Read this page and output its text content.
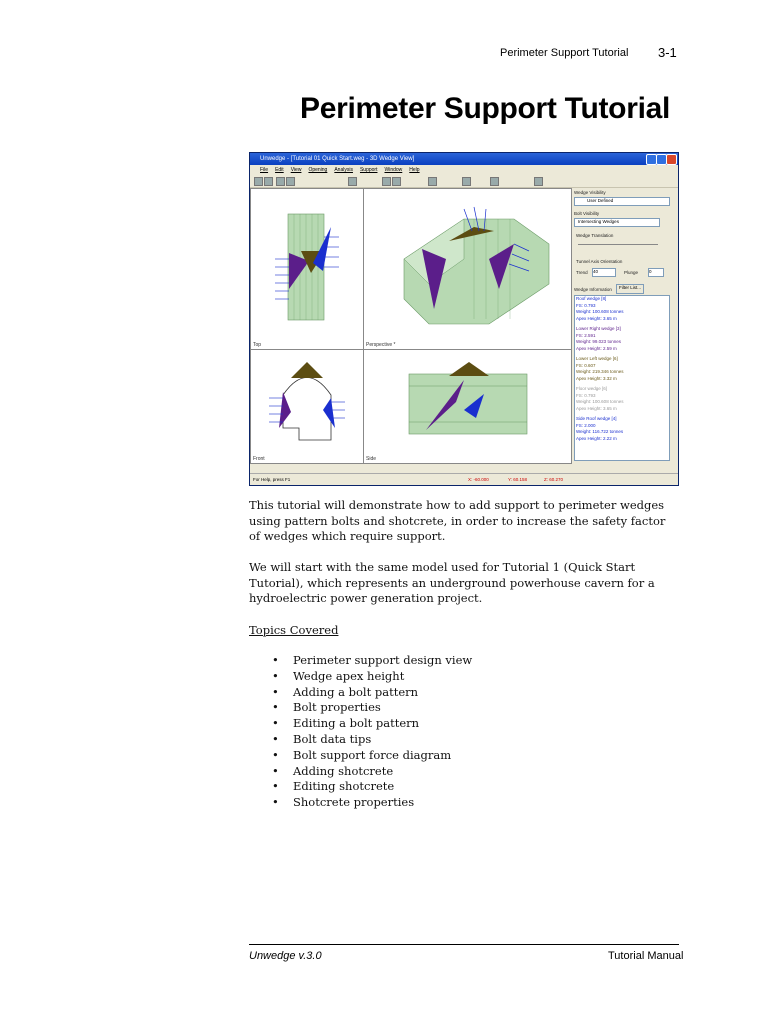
Perimeter Support Tutorial 3-1
Perimeter Support Tutorial
Unwedge - [Tutorial 01 Quick Start.weg - 3D Wedge View]
File Edit View Opening Analysis Support Window Help
Top	Perspective *
Front	Side
Wedge Visibility
User Defined
Bolt Visibility
Intersecting Wedges
Wedge Translation
Tunnel Axis Orientation
Trend 40	Plunge 0
Wedge Information	Filter List...
Roof wedge [8]
FS: 0.793
Weight: 100.608 tonnes
Apex Height: 3.65 m
Lower Right wedge [3]
FS: 2.591
Weight: 99.023 tonnes
Apex Height: 2.59 m
Lower Left wedge [6]
FS: 0.607
Weight: 219.346 tonnes
Apex Height: 3.32 m
Floor wedge [6]
FS: 0.793
Weight: 100.608 tonnes
Apex Height: 3.65 m
Side Roof wedge [4]
FS: 2.000
Weight: 116.722 tonnes
Apex Height: 2.22 m
For Help, press F1	X: -60.000	Y: 60.158	Z: 60.270
This tutorial will demonstrate how to add support to perimeter wedges using pattern bolts and shotcrete, in order to increase the safety factor of wedges which require support.
We will start with the same model used for Tutorial 1 (Quick Start Tutorial), which represents an underground powerhouse cavern for a hydroelectric power generation project.
Topics Covered
• Perimeter support design view
• Wedge apex height
• Adding a bolt pattern
• Bolt properties
• Editing a bolt pattern
• Bolt data tips
• Bolt support force diagram
• Adding shotcrete
• Editing shotcrete
• Shotcrete properties
Unwedge v.3.0	Tutorial Manual
